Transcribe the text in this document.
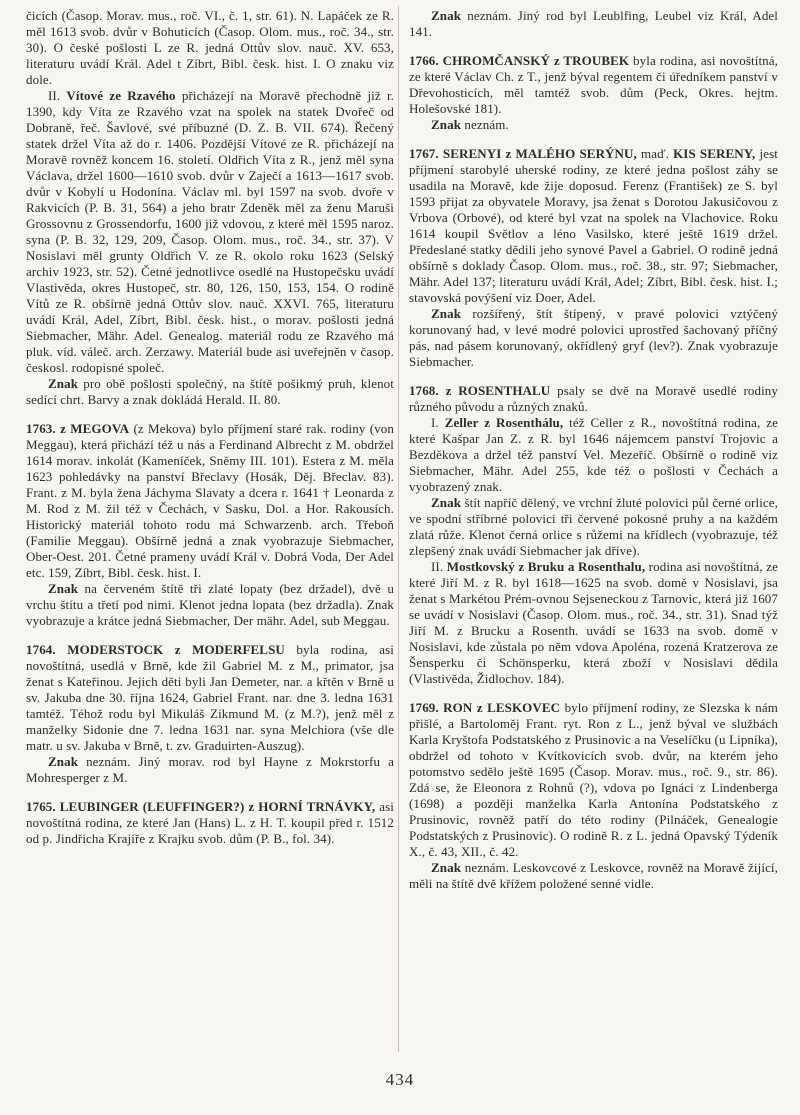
čicích (Časop. Morav. mus., roč. VI., č. 1, str. 61). N. Lapáček ze R. měl 1613 svob. dvůr v Bohuticích (Časop. Olom. mus., roč. 34., str. 30). O české pošlosti L ze R. jedná Ottův slov. nauč. XV. 653, literaturu uvádí Král. Adel t Zíbrt, Bibl. česk. hist. I. O znaku viz dole.

II. Vítové ze Rzavého přicházejí na Moravě přechodně již r. 1390, kdy Víta ze Rzavého vzat na spolek na statek Dvořeč od Dobraně, řeč. Šavlové, své příbuzné (D. Z. B. VII. 674). Řečený statek držel Víta až do r. 1406. Pozdější Vítové ze R. přicházejí na Moravě rovněž koncem 16. století. Oldřich Víta z R., jenž měl syna Václava, držel 1600—1610 svob. dvůr v Zaječí a 1613—1617 svob. dvůr v Kobylí u Hodonína. Václav ml. byl 1597 na svob. dvoře v Rakvicích (P. B. 31, 564) a jeho bratr Zdeněk měl za ženu Maruši Grossovnu z Grossendorfu, 1600 již vdovou, z které měl 1595 naroz. syna (P. B. 32, 129, 209, Časop. Olom. mus., roč. 34., str. 37). V Nosislavi měl grunty Oldřich V. ze R. okolo roku 1623 (Selský archiv 1923, str. 52). Četné jednotlivce osedlé na Hustopečsku uvádí Vlastivěda, okres Hustopeč, str. 80, 126, 150, 153, 154. O rodině Vítů ze R. obšírně jedná Ottův slov. nauč. XXVI. 765, literaturu uvádí Král, Adel, Zíbrt, Bibl. česk. hist., o morav. pošlosti jedná Siebmacher, Mähr. Adel. Genealog. materiál rodu ze Rzavého má pluk. víd. váleč. arch. Zerzawy. Materiál bude asi uveřejněn v časop. českosl. rodopisné společ.

Znak pro obě pošlosti společný, na štítě pošikmý pruh, klenot sedící chrt. Barvy a znak dokládá Herald. II. 80.

1763. z MEGOVA (z Mekova) bylo příjmení staré rak. rodiny (von Meggau), která přichází též u nás a Ferdinand Albrecht z M. obdržel 1614 morav. inkolát (Kameníček, Sněmy III. 101). Estera z M. měla 1623 pohledávky na panství Břeclavy (Hosák, Děj. Břeclav. 83). Frant. z M. byla žena Jáchyma Slavaty a dcera r. 1641 † Leonarda z M. Rod z M. žil též v Čechách, v Sasku, Dol. a Hor. Rakousích. Historický materiál tohoto rodu má Schwarzenb. arch. Třeboň (Familie Meggau). Obšírně jedná a znak vyobrazuje Siebmacher, Ober-Oest. 201. Četné prameny uvádí Král v. Dobrá Voda, Der Adel etc. 159, Zíbrt, Bibl. česk. hist. I.

Znak na červeném štítě tři zlaté lopaty (bez držadel), dvě u vrchu štítu a třetí pod nimi. Klenot jedna lopata (bez držadla). Znak vyobrazuje a krátce jedná Siebmacher, Der mähr. Adel, sub Meggau.

1764. MODERSTOCK z MODERFELSU byla rodina, asi novoštítná, usedlá v Brně, kde žil Gabriel M. z M., primator, jsa ženat s Kateřinou. Jejich děti byli Jan Demeter, nar. a křtěn v Brně u sv. Jakuba dne 30. října 1624, Gabriel Frant. nar. dne 3. ledna 1631 tamtéž. Téhož rodu byl Mikuláš Zikmund M. (z M.?), jenž měl z manželky Sidonie dne 7. ledna 1631 nar. syna Melchiora (vše dle matr. u sv. Jakuba v Brně, t. zv. Graduirten-Auszug).

Znak neznám. Jiný morav. rod byl Hayne z Mokrstorfu a Mohresperger z M.

1765. LEUBINGER (LEUFFINGER?) z HORNÍ TRNÁVKY, asi novoštítná rodina, ze které Jan (Hans) L. z H. T. koupil před r. 1512 od p. Jindřicha Krajíře z Krajku svob. dům (P. B., fol. 34).

Znak neznám. Jiný rod byl Leublfing, Leubel viz Král, Adel 141.

1766. CHROMČANSKÝ z TROUBEK byla rodina, asi novoštítná, ze které Václav Ch. z T., jenž býval regentem či úředníkem panství v Dřevohosticích, měl tamtéž svob. dům (Peck, Okres. hejtm. Holešovské 181).

Znak neznám.

1767. SERENYI z MALÉHO SERÝNU, maď. KIS SERENY, jest příjmení starobylé uherské rodiny, ze které jedna pošlost záhy se usadila na Moravě, kde žije doposud. Ferenz (František) ze S. byl 1593 přijat za obyvatele Moravy, jsa ženat s Dorotou Jakusičovou z Vrbova (Orbové), od které byl vzat na spolek na Vlachovice. Roku 1614 koupil Světlov a léno Vasilsko, které ještě 1619 držel. Předeslané statky dědili jeho synové Pavel a Gabriel. O rodině jedná obšírně s doklady Časop. Olom. mus., roč. 38., str. 97; Siebmacher, Mähr. Adel 137; literaturu uvádí Král, Adel; Zíbrt, Bibl. česk. hist. I.; stavovská povýšení viz Doer, Adel.

Znak rozšířený, štít štípený, v pravé polovici vztýčený korunovaný had, v levé modré polovici uprostřed šachovaný příčný pás, nad pásem korunovaný, okřídlený gryf (lev?). Znak vyobrazuje Siebmacher.

1768. z ROSENTHALU psaly se dvě na Moravě usedlé rodiny různého původu a různých znaků.

I. Zeller z Rosenthálu, též Celler z R., novoštítná rodina, ze které Kašpar Jan Z. z R. byl 1646 nájemcem panství Trojovic a Bezděkova a držel též panství Vel. Mezeříč. Obšírně o rodině viz Siebmacher, Mähr. Adel 255, kde též o pošlosti v Čechách a vyobrazený znak.

Znak štít napříč dělený, ve vrchní žluté polovici půl černé orlice, ve spodní stříbrné polovici tři červené pokosné pruhy a na každém zlatá růže. Klenot černá orlice s růžemi na křídlech (vyobrazuje, též zlepšený znak uvádí Siebmacher jak dříve).

II. Mostkovský z Bruku a Rosenthalu, rodina asi novoštítná, ze které Jiří M. z R. byl 1618—1625 na svob. domě v Nosislavi, jsa ženat s Markétou Prém-ovnou Sejseneckou z Tarnovic, která již 1607 se uvádí v Nosislavi (Časop. Olom. mus., roč. 34., str. 31). Snad týž Jiří M. z Brucku a Rosenth. uvádí se 1633 na svob. domě v Nosislavi, kde zůstala po něm vdova Apoléna, rozená Kratzerova ze Šensperku či Schönsperku, která zboží v Nosislavi dědila (Vlastivěda, Židlochov. 184).

1769. RON z LESKOVEC bylo příjmení rodiny, ze Slezska k nám přišlé, a Bartoloměj Frant. ryt. Ron z L., jenž býval ve službách Karla Kryštofa Podstatského z Prusinovic a na Veselíčku (u Lipníka), obdržel od tohoto v Kvítkovicích svob. dvůr, na kterém jeho potomstvo sedělo ještě 1695 (Časop. Morav. mus., roč. 9., str. 86). Zdá se, že Eleonora z Rohnů (?), vdova po Ignáci z Lindenberga (1698) a později manželka Karla Antonína Podstatského z Prusinovic, rovněž patří do této rodiny (Pilnáček, Genealogie Podstatských z Prusinovic). O rodině R. z L. jedná Opavský Týdeník X., č. 43, XII., č. 42.

Znak neznám. Leskovcové z Leskovce, rovněž na Moravě žijící, měli na štítě dvě křížem položené senné vidle.

434
